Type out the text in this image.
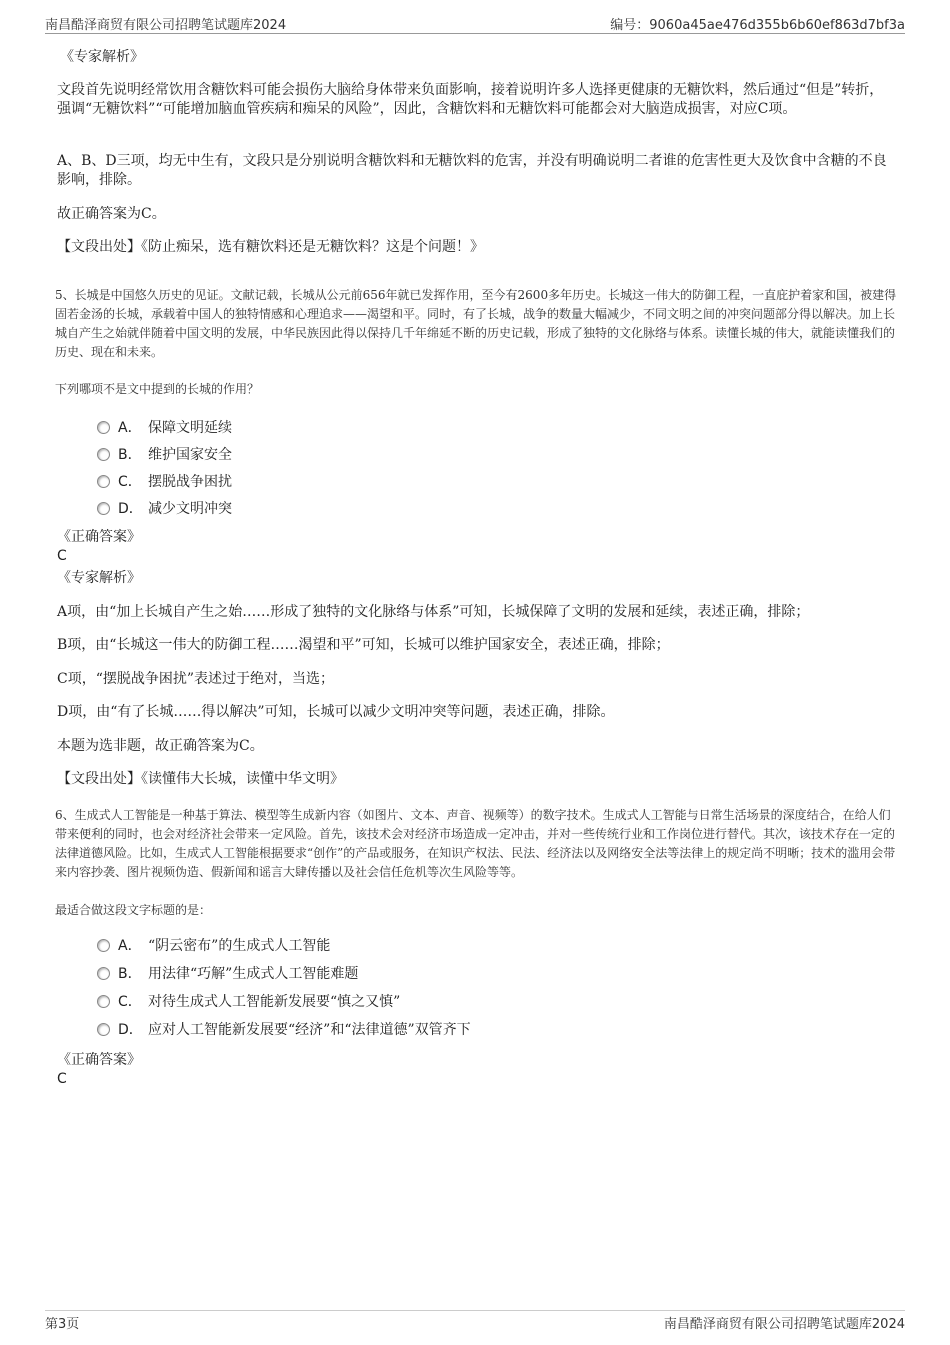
南昌酷泽商贸有限公司招聘笔试题库2024	编号：9060a45ae476d355b6b60ef863d7bf3a
《专家解析》
文段首先说明经常饮用含糖饮料可能会损伤大脑给身体带来负面影响，接着说明许多人选择更健康的无糖饮料，然后通过“但是”转折，强调“无糖饮料”“可能增加脑血管疾病和痴呆的风险”，因此，含糖饮料和无糖饮料可能都会对大脑造成损害，对应C项。
A、B、D三项，均无中生有，文段只是分别说明含糖饮料和无糖饮料的危害，并没有明确说明二者谁的危害性更大及饮食中含糖的不良影响，排除。
故正确答案为C。
【文段出处】《防止痴呆，选有糖饮料还是无糖饮料？这是个问题！》
5、长城是中国悠久历史的见证。文献记载，长城从公元前656年就已发挥作用，至今有2600多年历史。长城这一伟大的防御工程，一直庇护着家和国，被建得固若金汤的长城，承载着中国人的独特情感和心理追求——渴望和平。同时，有了长城，战争的数量大幅减少，不同文明之间的冲突问题部分得以解决。加上长城自产生之始就伴随着中国文明的发展，中华民族因此得以保持几千年绵延不断的历史记载，形成了独特的文化脉络与体系。读懂长城的伟大，就能读懂我们的历史、现在和未来。
下列哪项不是文中提到的长城的作用？
A． 保障文明延续
B． 维护国家安全
C． 摆脱战争困扰
D． 减少文明冲突
《正确答案》
C
《专家解析》
A项，由“加上长城自产生之始……形成了独特的文化脉络与体系”可知，长城保障了文明的发展和延续，表述正确，排除；
B项，由“长城这一伟大的防御工程……渴望和平”可知，长城可以维护国家安全，表述正确，排除；
C项，“摆脱战争困扰”表述过于绝对，当选；
D项，由“有了长城……得以解决”可知，长城可以减少文明冲突等问题，表述正确，排除。
本题为选非题，故正确答案为C。
【文段出处】《读懂伟大长城，读懂中华文明》
6、生成式人工智能是一种基于算法、模型等生成新内容（如图片、文本、声音、视频等）的数字技术。生成式人工智能与日常生活场景的深度结合，在给人们带来便利的同时，也会对经济社会带来一定风险。首先，该技术会对经济市场造成一定冲击，并对一些传统行业和工作岗位进行替代。其次，该技术存在一定的法律道德风险。比如，生成式人工智能根据要求“创作”的产品或服务，在知识产权法、民法、经济法以及网络安全法等法律上的规定尚不明晰；技术的滥用会带来内容抄袭、图片视频伪造、假新闻和谣言大肆传播以及社会信任危机等次生风险等等。
最适合做这段文字标题的是：
A． “阴云密布”的生成式人工智能
B． 用法律“巧解”生成式人工智能难题
C． 对待生成式人工智能新发展要“慎之又慎”
D． 应对人工智能新发展要“经济”和“法律道德”双管齐下
《正确答案》
C
第3页	南昌酷泽商贸有限公司招聘笔试题库2024
